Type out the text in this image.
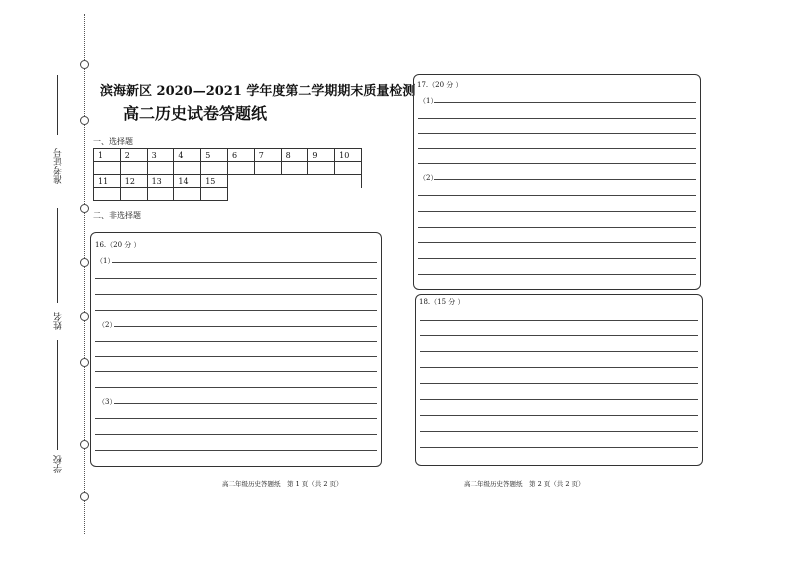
准考证号
姓名
学校
滨海新区 2020—2021 学年度第二学期期末质量检测
高二历史试卷答题纸
一、选择题
1	2	3	4	5	6	7	8	9	10

11	12	13	14	15					

二、非选择题
16.（20 分 ）
（1）
（2）
（3）
17.（20 分 ）
（1）
（2）
18.（15 分 ）
高二年级历史答题纸　第 1 页（共 2 页）	高二年级历史答题纸　第 2 页（共 2 页）
